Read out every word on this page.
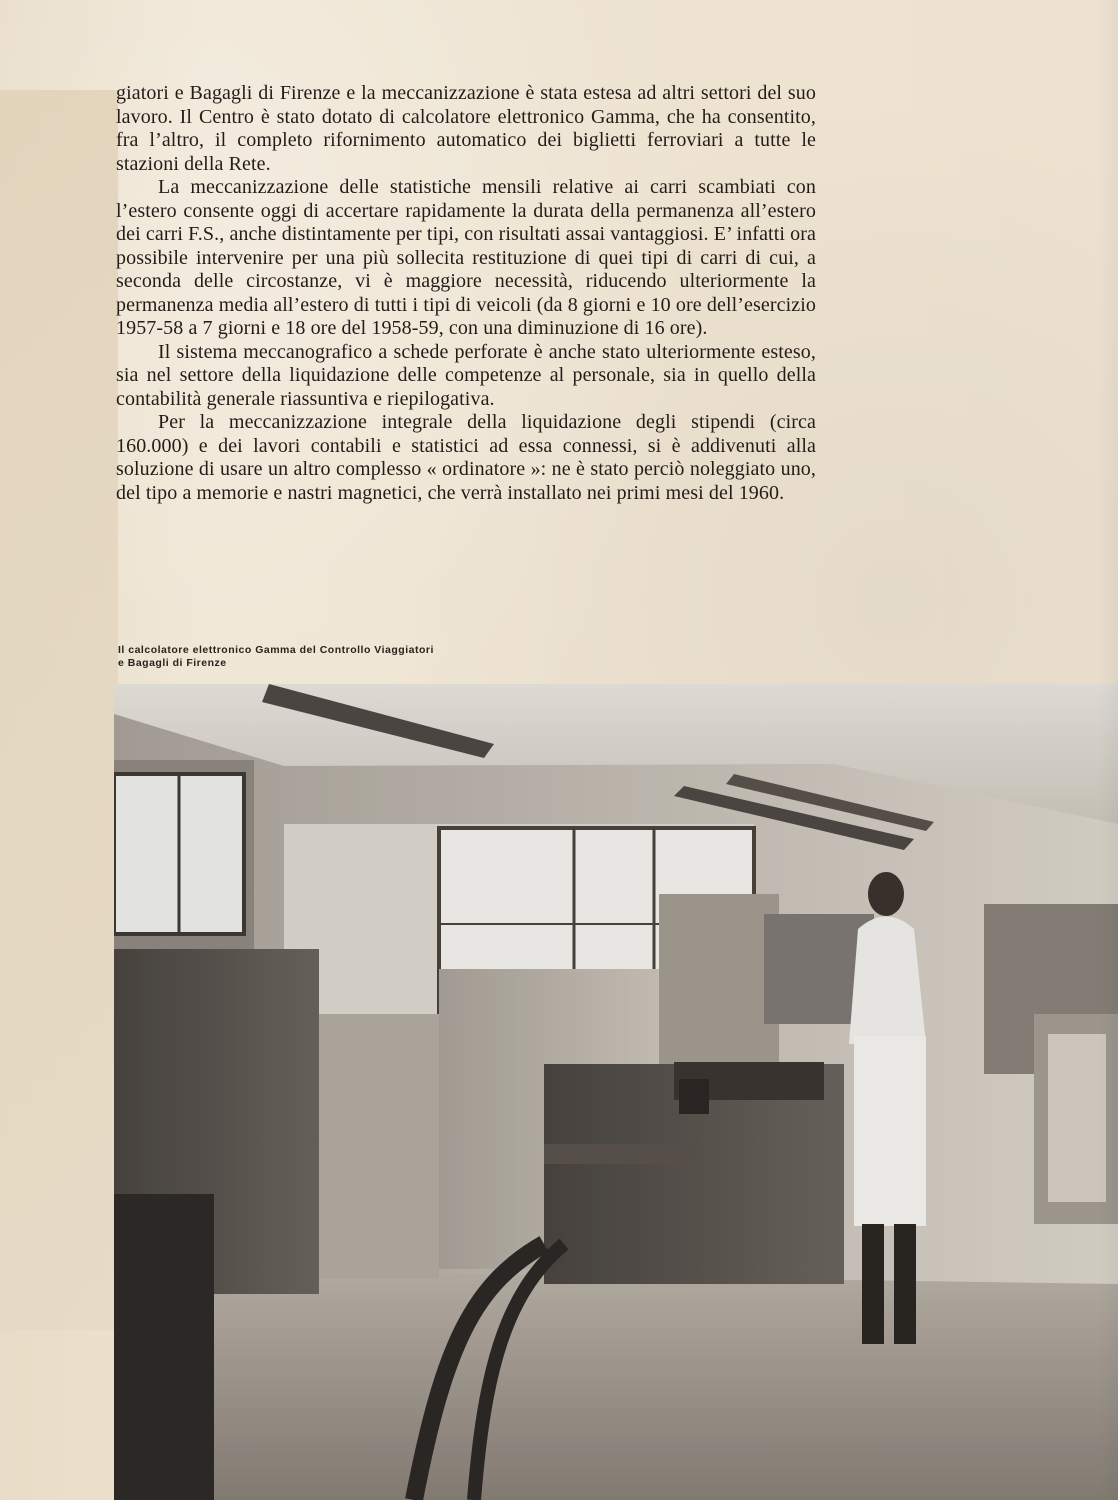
giatori e Bagagli di Firenze e la meccanizzazione è stata estesa ad altri settori del suo lavoro. Il Centro è stato dotato di calcolatore elettronico Gamma, che ha consentito, fra l’altro, il completo rifornimento automatico dei biglietti ferroviari a tutte le stazioni della Rete.

La meccanizzazione delle statistiche mensili relative ai carri scambiati con l’estero consente oggi di accertare rapidamente la durata della permanenza all’estero dei carri F.S., anche distintamente per tipi, con risultati assai vantaggiosi. E’ infatti ora possibile intervenire per una più sollecita restituzione di quei tipi di carri di cui, a seconda delle circostanze, vi è maggiore necessità, riducendo ulteriormente la permanenza media all’estero di tutti i tipi di veicoli (da 8 giorni e 10 ore dell’esercizio 1957-58 a 7 giorni e 18 ore del 1958-59, con una diminuzione di 16 ore).

Il sistema meccanografico a schede perforate è anche stato ulteriormente esteso, sia nel settore della liquidazione delle competenze al personale, sia in quello della contabilità generale riassuntiva e riepilogativa.

Per la meccanizzazione integrale della liquidazione degli stipendi (circa 160.000) e dei lavori contabili e statistici ad essa connessi, si è addivenuti alla soluzione di usare un altro complesso « ordinatore »: ne è stato perciò noleggiato uno, del tipo a memorie e nastri magnetici, che verrà installato nei primi mesi del 1960.

Il calcolatore elettronico Gamma del Controllo Viaggiatori
e Bagagli di Firenze
